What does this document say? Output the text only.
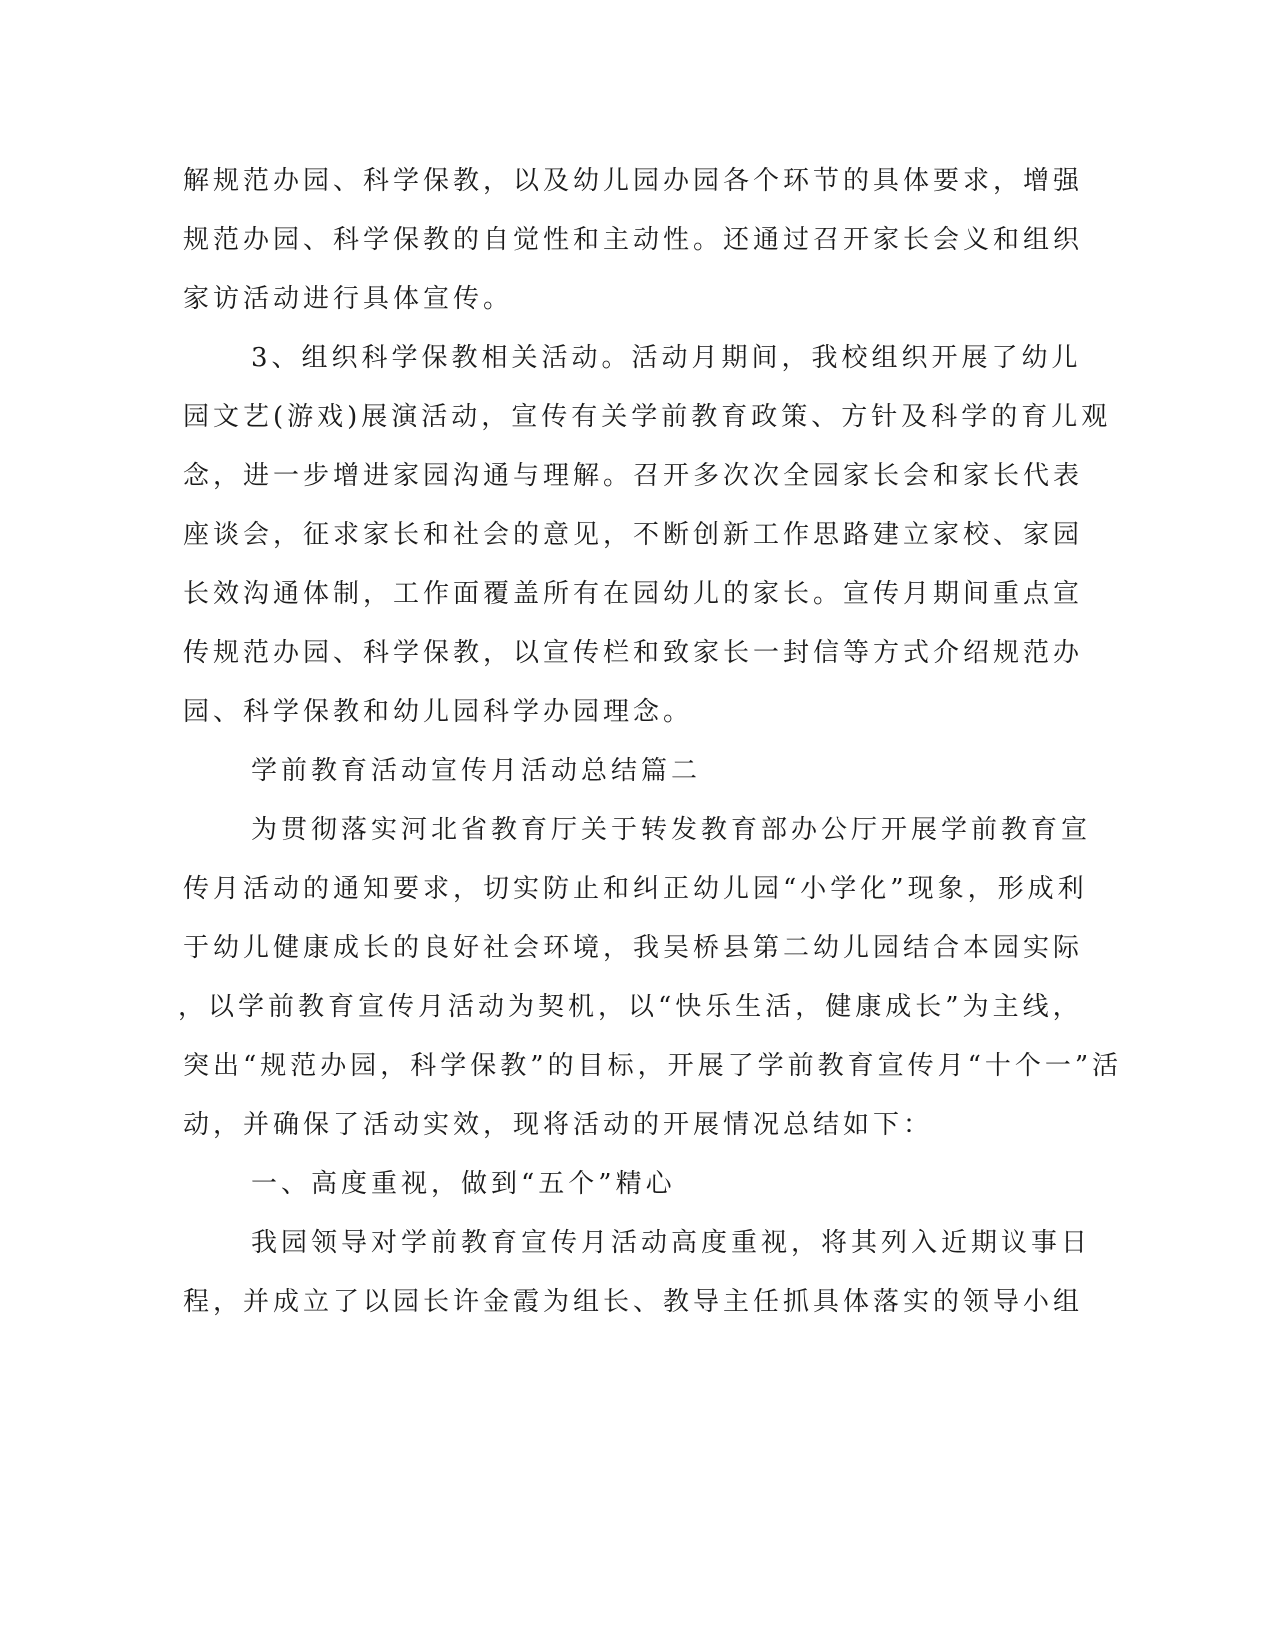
解规范办园、科学保教，以及幼儿园办园各个环节的具体要求，增强
规范办园、科学保教的自觉性和主动性。还通过召开家长会义和组织
家访活动进行具体宣传。
3、组织科学保教相关活动。活动月期间，我校组织开展了幼儿
园文艺(游戏)展演活动，宣传有关学前教育政策、方针及科学的育儿观
念，进一步增进家园沟通与理解。召开多次次全园家长会和家长代表
座谈会，征求家长和社会的意见，不断创新工作思路建立家校、家园
长效沟通体制，工作面覆盖所有在园幼儿的家长。宣传月期间重点宣
传规范办园、科学保教，以宣传栏和致家长一封信等方式介绍规范办
园、科学保教和幼儿园科学办园理念。
学前教育活动宣传月活动总结篇二
为贯彻落实河北省教育厅关于转发教育部办公厅开展学前教育宣
传月活动的通知要求，切实防止和纠正幼儿园“小学化”现象，形成利
于幼儿健康成长的良好社会环境，我吴桥县第二幼儿园结合本园实际
，以学前教育宣传月活动为契机，以“快乐生活，健康成长”为主线，
突出“规范办园，科学保教”的目标，开展了学前教育宣传月“十个一”活
动，并确保了活动实效，现将活动的开展情况总结如下：
一、高度重视，做到“五个”精心
我园领导对学前教育宣传月活动高度重视，将其列入近期议事日
程，并成立了以园长许金霞为组长、教导主任抓具体落实的领导小组
